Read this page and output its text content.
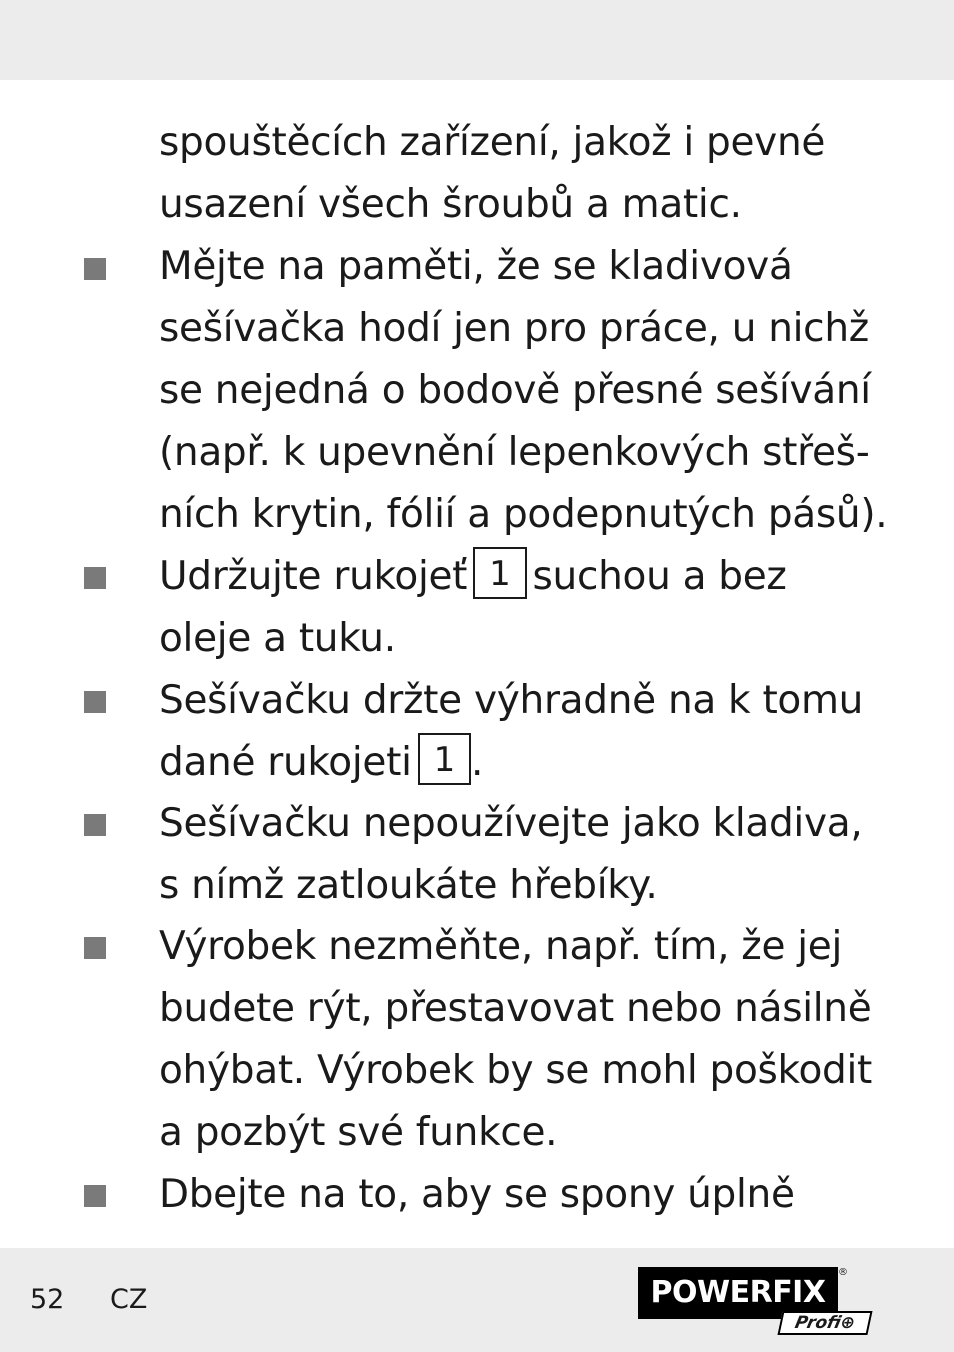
spouštěcích zařízení, jakož i pevné
usazení všech šroubů a matic.
Mějte na paměti, že se kladivová
sešívačka hodí jen pro práce, u nichž
se nejedná o bodově přesné sešívání
(např. k upevnění lepenkových střeš-
ních krytin, fólií a podepnutých pásů).
Udržujte rukojeť 1 suchou a bez
oleje a tuku.
Sešívačku držte výhradně na k tomu
dané rukojeti 1 .
Sešívačku nepoužívejte jako kladiva,
s nímž zatloukáte hřebíky.
Výrobek nezměňte, např. tím, že jej
budete rýt, přestavovat nebo násilně
ohýbat. Výrobek by se mohl poškodit
a pozbýt své funkce.
Dbejte na to, aby se spony úplně
52 CZ	POWERFIX
®
Profi⊕
